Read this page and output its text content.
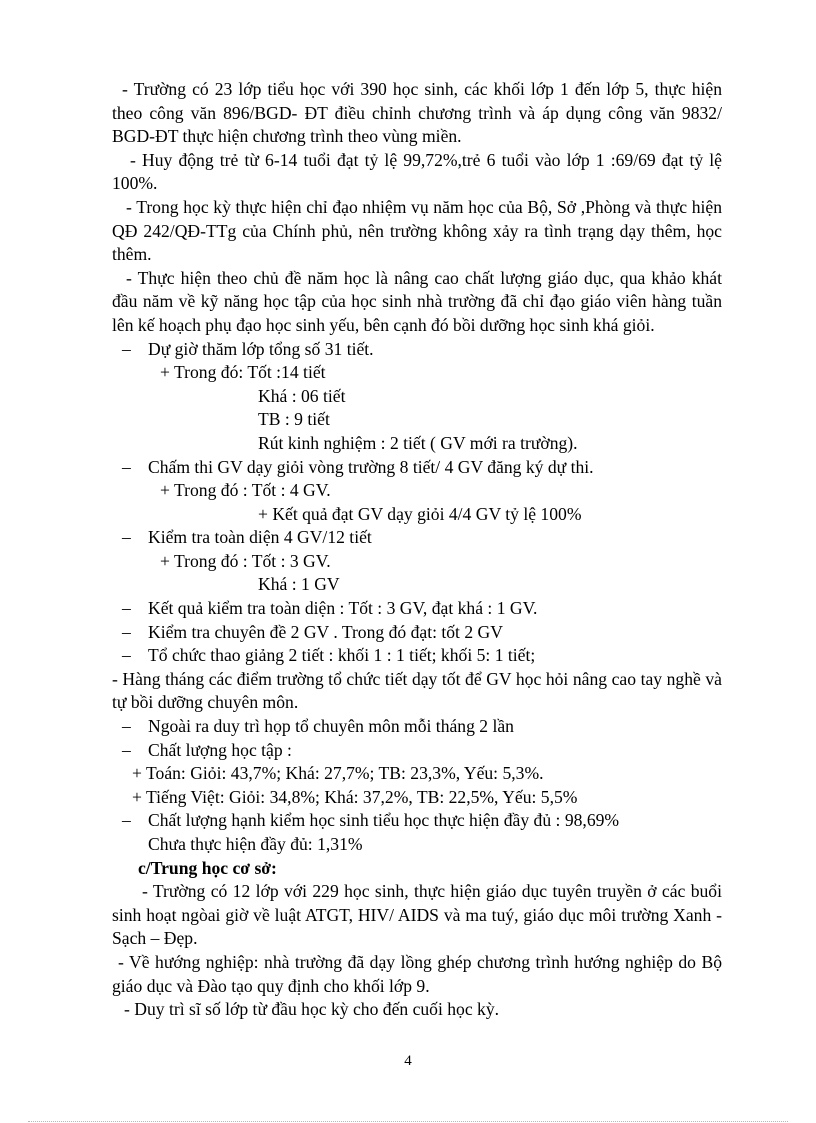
- Trường có 23 lớp tiểu học với 390 học sinh, các khối lớp 1 đến lớp 5, thực hiện theo công văn 896/BGD- ĐT điều chỉnh chương trình và áp dụng công văn 9832/ BGD-ĐT thực hiện chương trình theo vùng miền.

- Huy động trẻ từ 6-14 tuổi đạt tỷ lệ 99,72%,trẻ 6 tuổi vào lớp 1 :69/69 đạt tỷ lệ 100%.

- Trong học kỳ thực hiện chỉ đạo nhiệm vụ năm học của Bộ, Sở ,Phòng và thực hiện QĐ 242/QĐ-TTg của Chính phủ, nên trường không xảy ra tình trạng dạy thêm, học thêm.

- Thực hiện theo chủ đề năm học là nâng cao chất lượng giáo dục, qua khảo khát đầu năm về kỹ năng học tập của học sinh nhà trường đã chỉ đạo giáo viên hàng tuần lên kế hoạch phụ đạo học sinh yếu, bên cạnh đó bồi dưỡng học sinh khá giỏi.

– Dự giờ thăm lớp tổng số 31 tiết.

+ Trong đó: Tốt :14 tiết

Khá : 06 tiết

TB : 9 tiết

Rút kinh nghiệm : 2 tiết ( GV mới ra trường).

– Chấm thi GV dạy giỏi vòng trường 8 tiết/ 4 GV đăng ký dự thi.

+ Trong đó : Tốt : 4 GV.

+ Kết quả đạt GV dạy giỏi 4/4 GV tỷ lệ 100%

– Kiểm tra toàn diện 4 GV/12 tiết

+ Trong đó : Tốt : 3 GV.

Khá : 1 GV

– Kết quả kiểm tra toàn diện : Tốt : 3 GV, đạt khá : 1 GV.

– Kiểm tra chuyên đề 2 GV . Trong đó đạt: tốt 2 GV

– Tổ chức thao giảng 2 tiết : khối 1 : 1 tiết; khối 5: 1 tiết;

- Hàng tháng các điểm trường tổ chức tiết dạy tốt để GV học hỏi nâng cao tay nghề và tự bồi dưỡng chuyên môn.

– Ngoài ra duy trì họp tổ chuyên môn mỗi tháng 2 lần

– Chất lượng học tập :

+ Toán: Giỏi: 43,7%; Khá: 27,7%; TB: 23,3%, Yếu: 5,3%.

+ Tiếng Việt: Giỏi: 34,8%; Khá: 37,2%, TB: 22,5%, Yếu: 5,5%

– Chất lượng hạnh kiểm học sinh tiểu học thực hiện đầy đủ : 98,69%

Chưa thực hiện đầy đủ: 1,31%

c/Trung học cơ sở:

- Trường có 12 lớp với 229 học sinh, thực hiện giáo dục tuyên truyền ở các buổi sinh hoạt ngòai giờ về luật ATGT, HIV/ AIDS và ma tuý, giáo dục môi trường Xanh - Sạch – Đẹp.

- Về hướng nghiệp: nhà trường đã dạy lồng ghép chương trình hướng nghiệp do Bộ giáo dục và Đào tạo quy định cho khối lớp 9.

- Duy trì sĩ số lớp từ đầu học kỳ cho đến cuối học kỳ.

4
